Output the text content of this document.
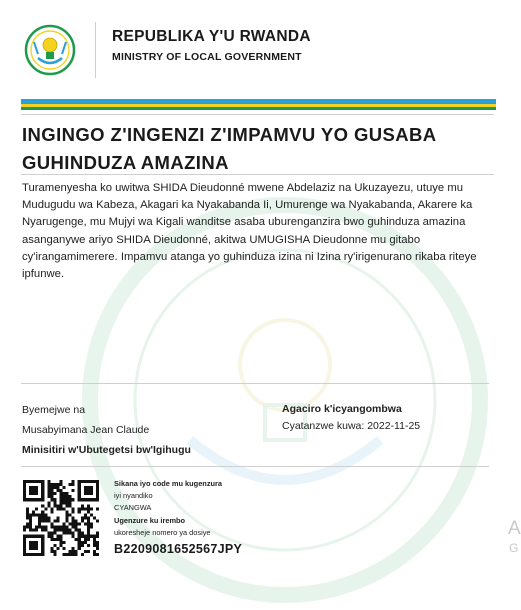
REPUBLIKA Y'U RWANDA
MINISTRY OF LOCAL GOVERNMENT
INGINGO Z'INGENZI Z'IMPAMVU YO GUSABA GUHINDUZA AMAZINA
Turamenyesha ko uwitwa SHIDA Dieudonné mwene Abdelaziz na Ukuzayezu, utuye mu Mudugudu wa Kabeza, Akagari ka Nyakabanda Ii, Umurenge wa Nyakabanda, Akarere ka Nyarugenge, mu Mujyi wa Kigali wanditse asaba uburenganzira bwo guhinduza amazina asanganywe ariyo SHIDA Dieudonné, akitwa UMUGISHA Dieudonne mu gitabo cy'irangamimerere. Impamvu atanga yo guhinduza izina ni Izina ry'irigenurano rikaba riteye ipfunwe.
Byemejwe na
Musabyimana Jean Claude
Minisitiri w'Ubutegetsi bw'Igihugu
Agaciro k'icyangombwa
Cyatanzwe kuwa: 2022-11-25
Sikana iyo code mu kugenzura
iyi nyandiko
CYANGWA
Ugenzure ku irembo
ukoresheje nomero ya dosiye
B2209081652567JPY
A
G
